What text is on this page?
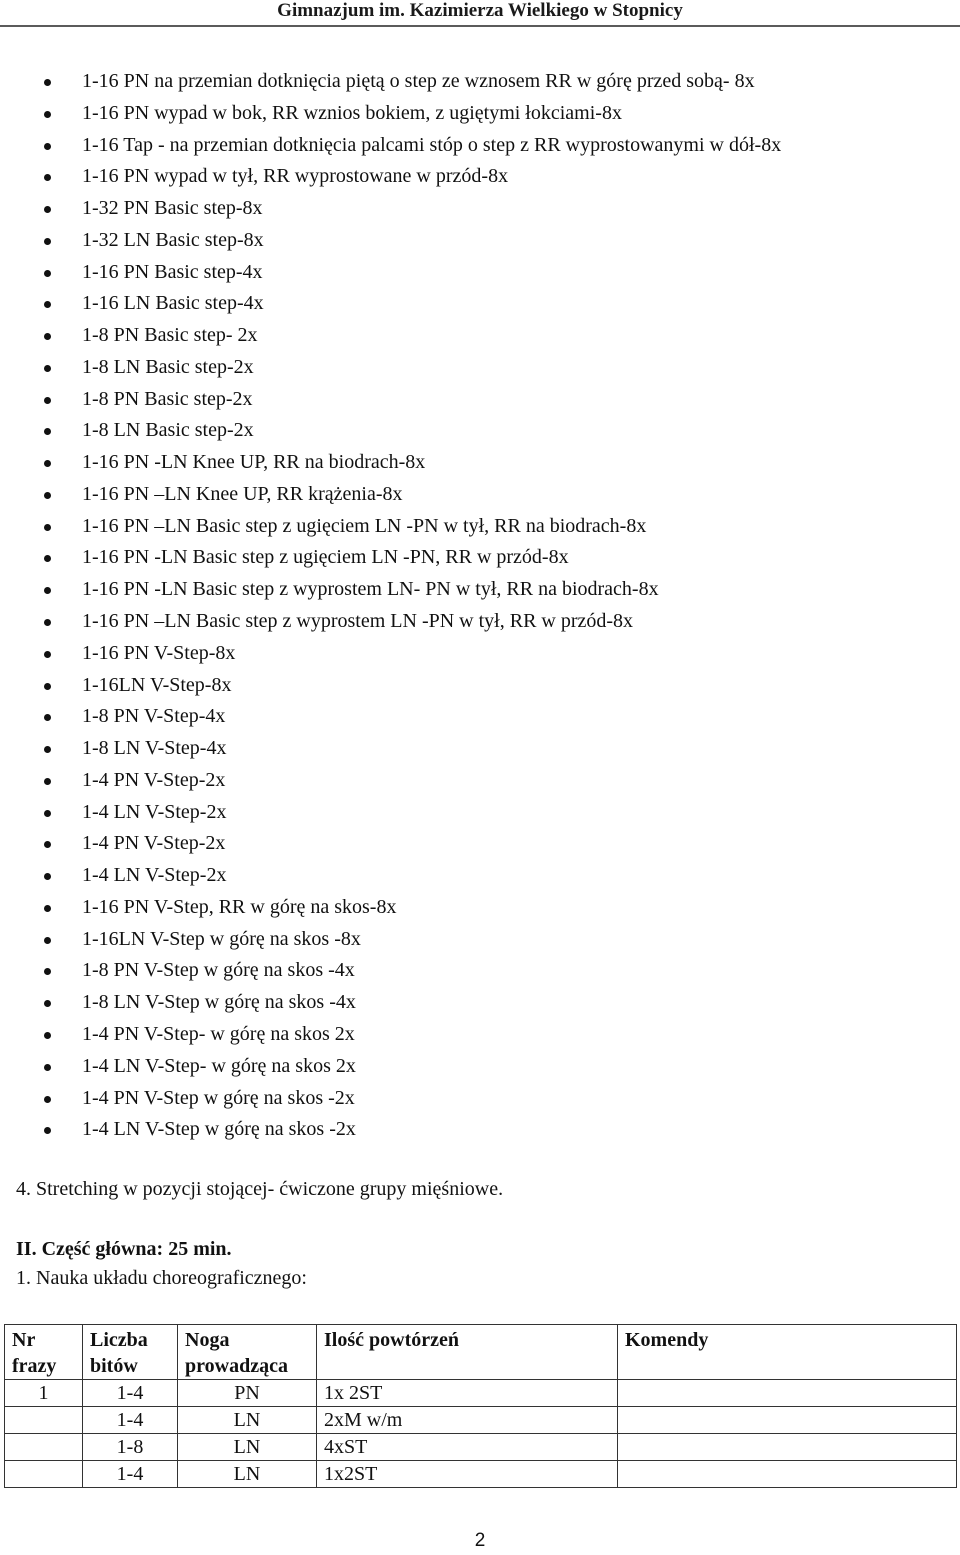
Gimnazjum im. Kazimierza Wielkiego w Stopnicy
1-16 PN na przemian dotknięcia piętą o step ze wznosem RR w górę przed sobą- 8x
1-16 PN wypad w bok, RR wznios bokiem, z ugiętymi łokciami-8x
1-16 Tap - na przemian dotknięcia palcami stóp o step z RR wyprostowanymi w dół-8x
1-16 PN wypad w tył, RR wyprostowane w przód-8x
1-32 PN Basic step-8x
1-32 LN Basic step-8x
1-16 PN Basic step-4x
1-16 LN Basic step-4x
1-8 PN Basic step- 2x
1-8 LN Basic step-2x
1-8 PN Basic step-2x
1-8 LN Basic step-2x
1-16 PN -LN Knee UP, RR na biodrach-8x
1-16 PN –LN Knee UP, RR krążenia-8x
1-16 PN –LN Basic step z ugięciem LN -PN w tył, RR na biodrach-8x
1-16 PN -LN Basic step z ugięciem LN -PN, RR w przód-8x
1-16 PN -LN Basic step z wyprostem LN- PN w tył, RR na biodrach-8x
1-16 PN –LN Basic step z wyprostem LN -PN w tył, RR w przód-8x
1-16 PN V-Step-8x
1-16LN V-Step-8x
1-8 PN V-Step-4x
1-8 LN V-Step-4x
1-4 PN V-Step-2x
1-4 LN V-Step-2x
1-4 PN V-Step-2x
1-4 LN V-Step-2x
1-16 PN V-Step, RR w górę na skos-8x
1-16LN V-Step w górę na skos -8x
1-8 PN V-Step w górę na skos -4x
1-8 LN V-Step w górę na skos -4x
1-4 PN V-Step- w górę na skos 2x
1-4 LN V-Step- w górę na skos 2x
1-4 PN V-Step w górę na skos -2x
1-4 LN V-Step w górę na skos -2x
4. Stretching w pozycji stojącej- ćwiczone grupy mięśniowe.
II. Część główna: 25 min.
1. Nauka układu choreograficznego:
Nr frazy	Liczba bitów	Noga prowadząca	Ilość powtórzeń	Komendy
1	1-4	PN	1x 2ST	
	1-4	LN	2xM w/m	
	1-8	LN	4xST	
	1-4	LN	1x2ST	
2
